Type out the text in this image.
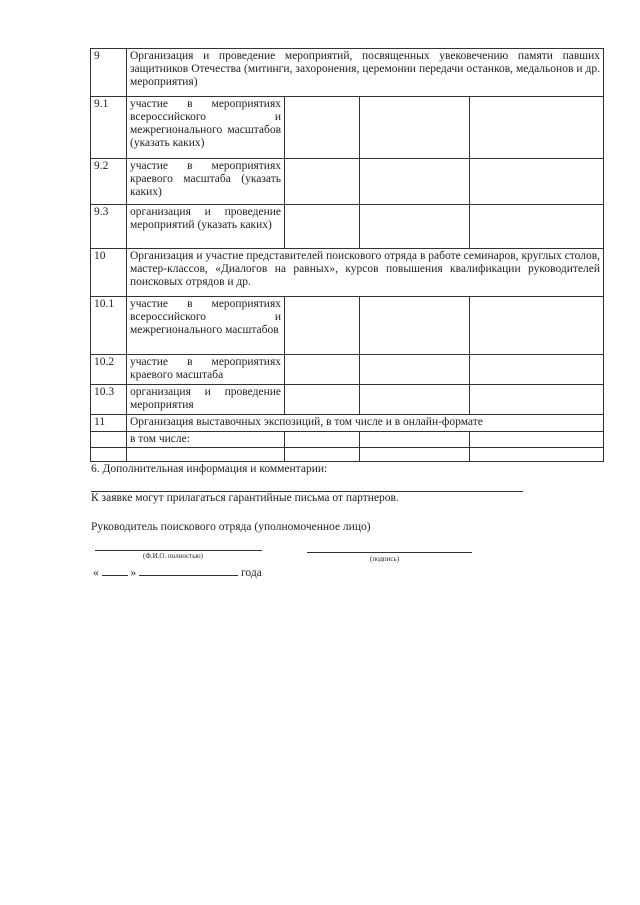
9	Организация и проведение мероприятий, посвященных увековечению памяти павших защитников Отечества (митинги, захоронения, церемонии передачи останков, медальонов и др. мероприятия)			
9.1	участие в мероприятиях всероссийского и межрегионального масштабов (указать каких)			
9.2	участие в мероприятиях краевого масштаба (указать каких)			
9.3	организация и проведение мероприятий (указать каких)			
10	Организация и участие представителей поискового отряда в работе семинаров, круглых столов, мастер-классов, «Диалогов на равных», курсов повышения квалификации руководителей поисковых отрядов и др.			
10.1	участие в мероприятиях всероссийского и межрегионального масштабов			
10.2	участие в мероприятиях краевого масштаба			
10.3	организация и проведение мероприятия			
11	Организация выставочных экспозиций, в том числе и в онлайн-формате			
	в том числе:			

6. Дополнительная информация и комментарии:
К заявке могут прилагаться гарантийные письма от партнеров.
Руководитель поискового отряда (уполномоченное лицо)
(Ф.И.О. полностью)	(подпись)
«	»	года
